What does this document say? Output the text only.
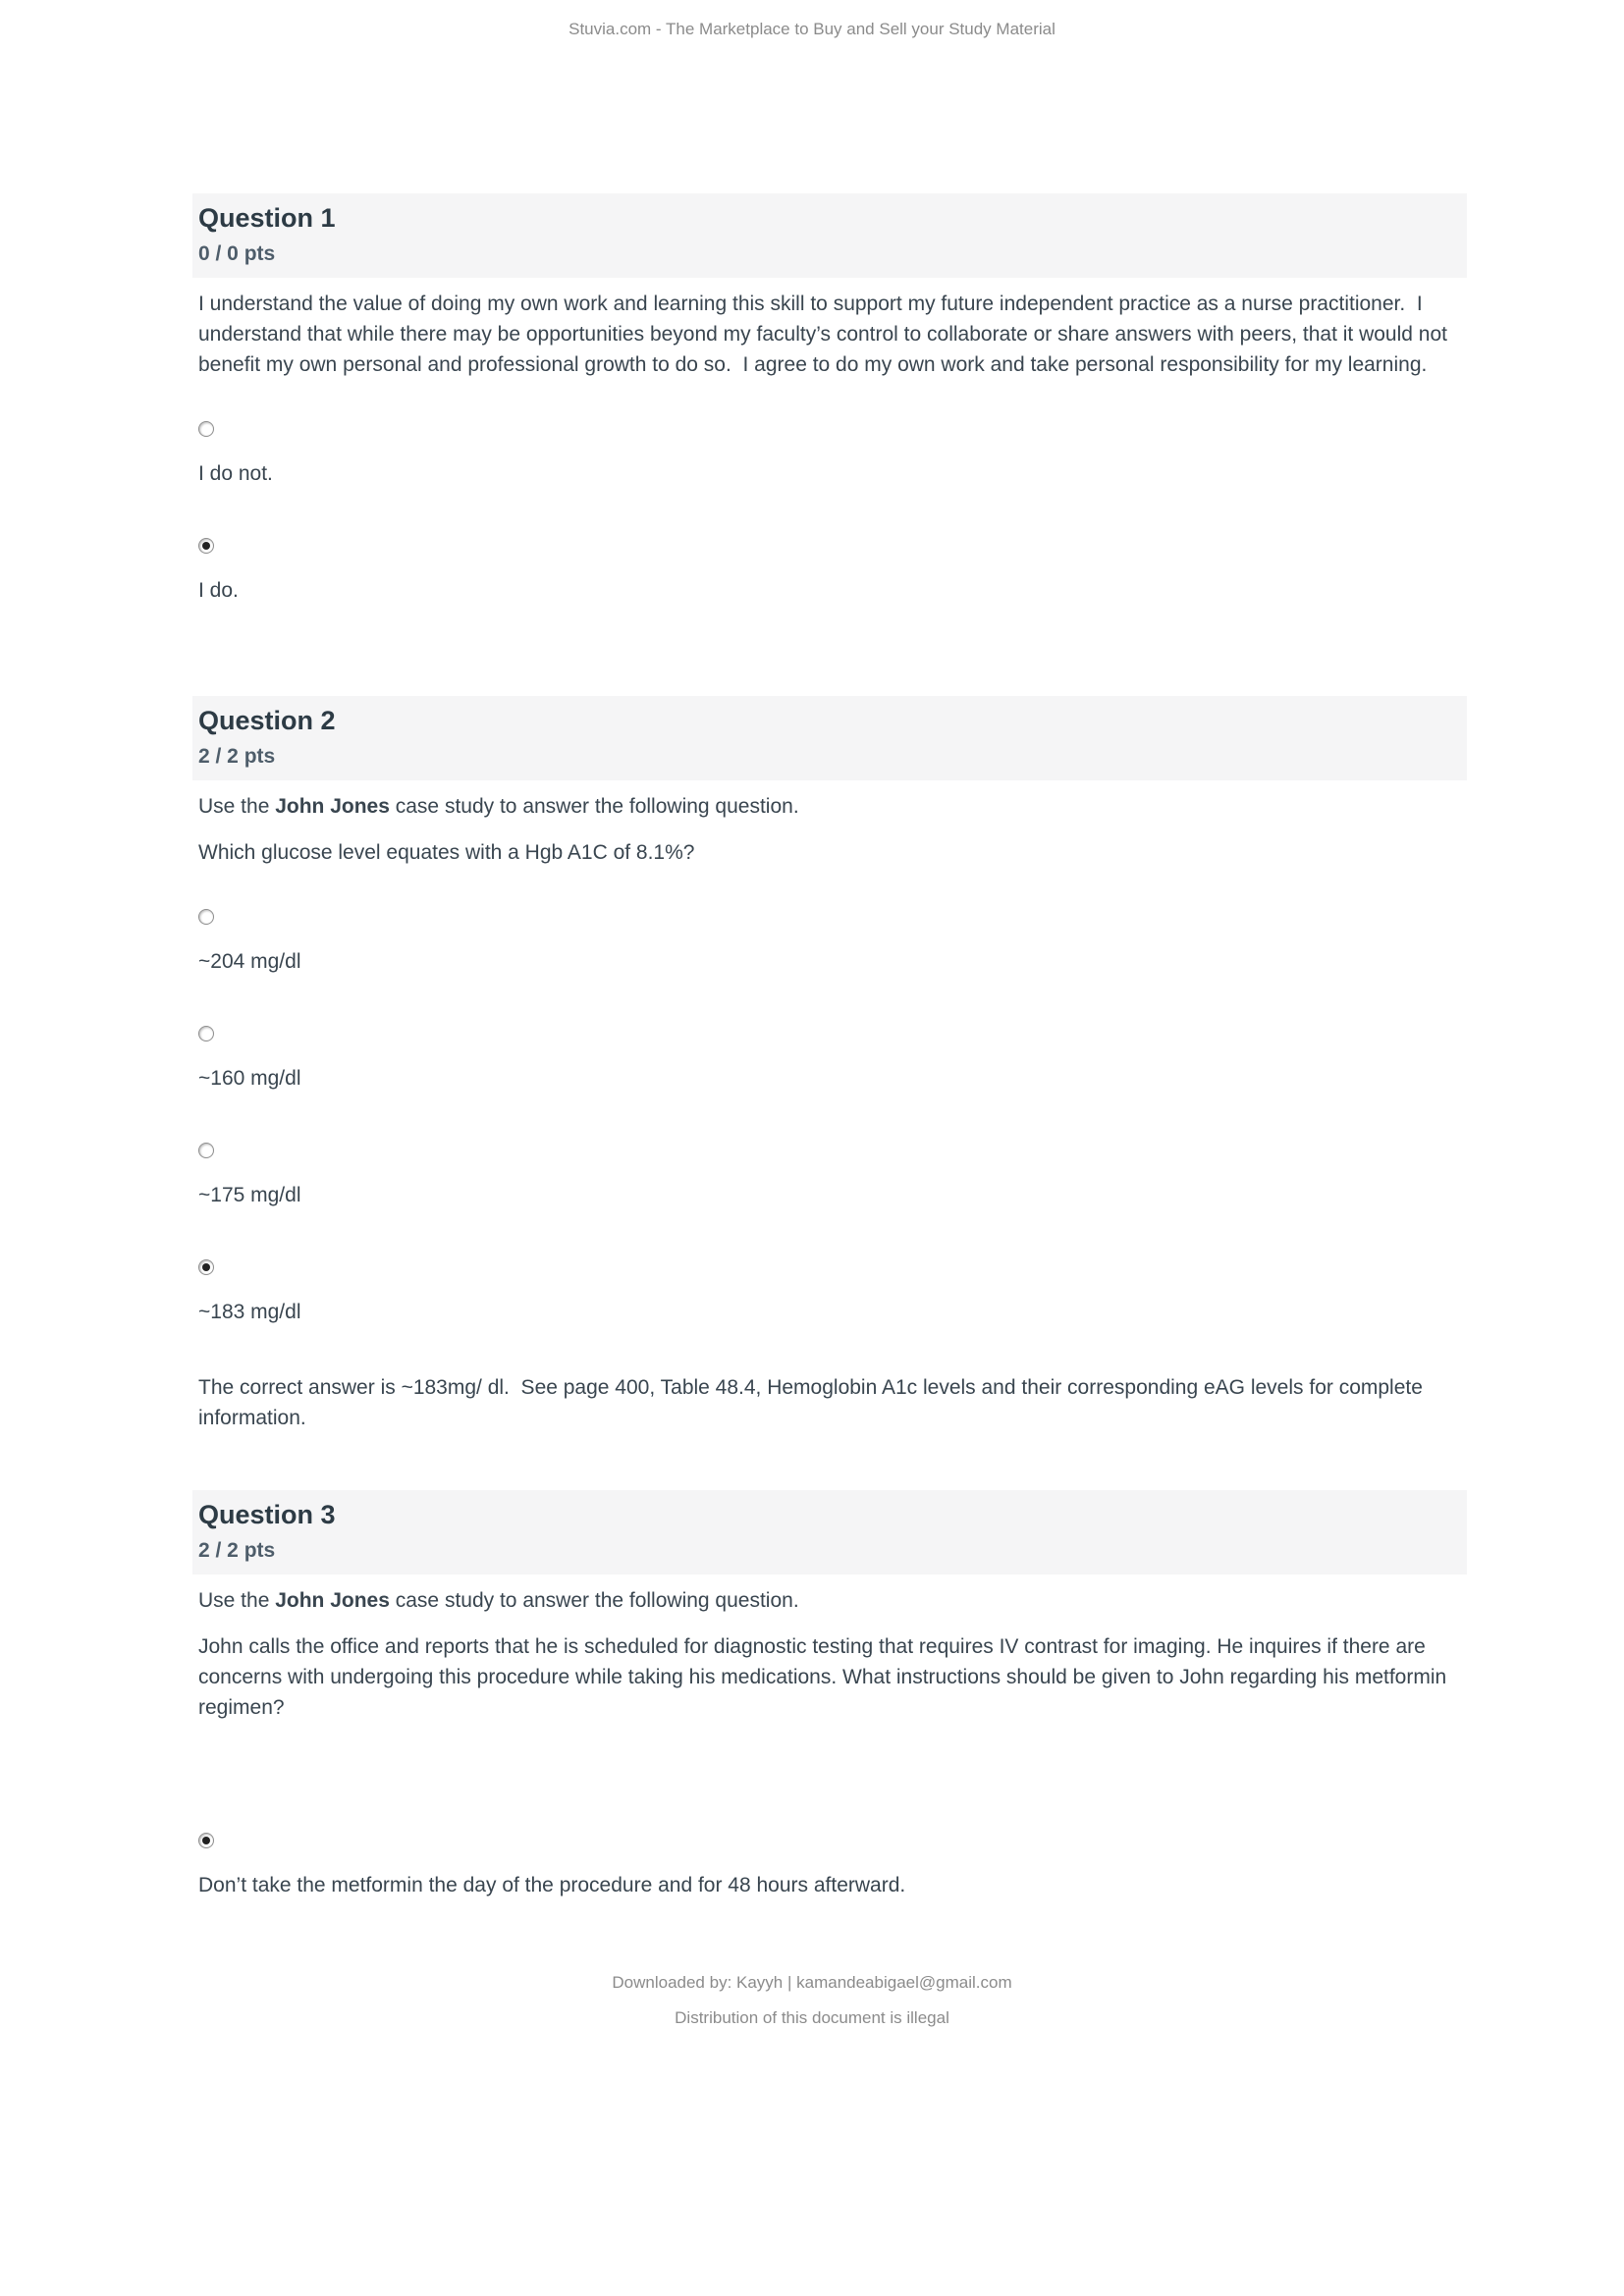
Stuvia.com - The Marketplace to Buy and Sell your Study Material
Question 1
0 / 0 pts

I understand the value of doing my own work and learning this skill to support my future independent practice as a nurse practitioner.  I understand that while there may be opportunities beyond my faculty’s control to collaborate or share answers with peers, that it would not benefit my own personal and professional growth to do so.  I agree to do my own work and take personal responsibility for my learning.

I do not.
I do.
Question 2
2 / 2 pts

Use the John Jones case study to answer the following question.

Which glucose level equates with a Hgb A1C of 8.1%?

~204 mg/dl
~160 mg/dl
~175 mg/dl
~183 mg/dl

The correct answer is ~183mg/ dl.  See page 400, Table 48.4, Hemoglobin A1c levels and their corresponding eAG levels for complete information.

Question 3
2 / 2 pts

Use the John Jones case study to answer the following question.

John calls the office and reports that he is scheduled for diagnostic testing that requires IV contrast for imaging. He inquires if there are concerns with undergoing this procedure while taking his medications. What instructions should be given to John regarding his metformin regimen?

Don’t take the metformin the day of the procedure and for 48 hours afterward.
Downloaded by: Kayyh | kamandeabigael@gmail.com
Distribution of this document is illegal
